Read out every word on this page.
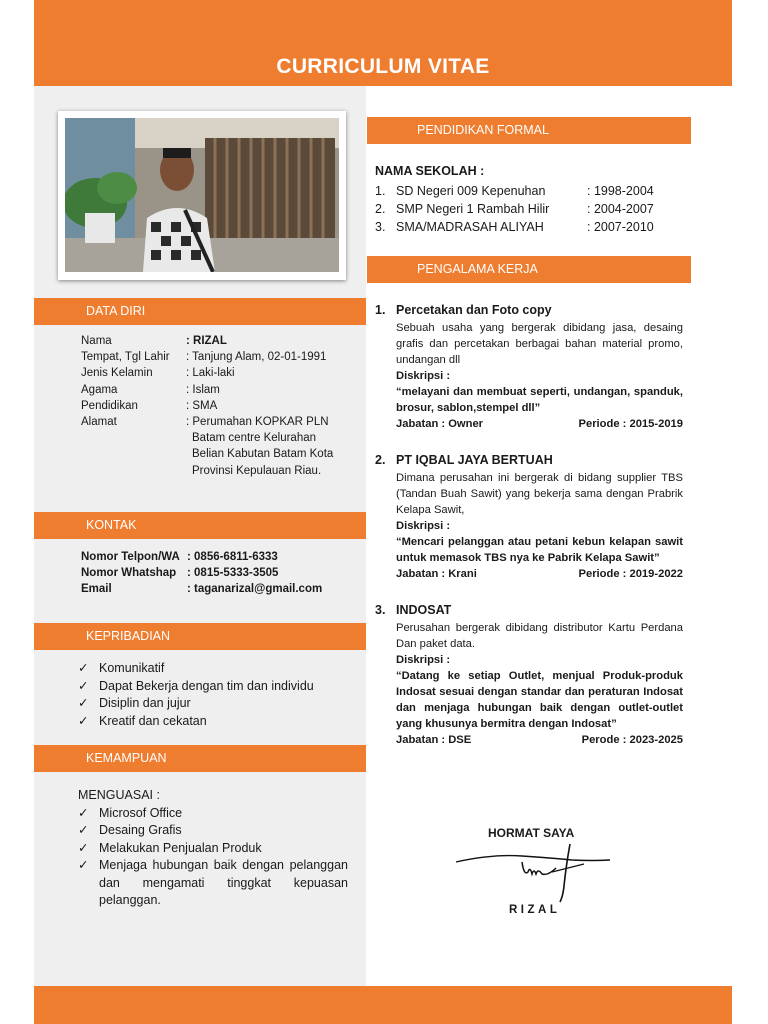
CURRICULUM VITAE
DATA DIRI
Nama	: RIZAL
Tempat, Tgl Lahir	: Tanjung Alam, 02-01-1991
Jenis Kelamin	: Laki-laki
Agama	: Islam
Pendidikan	: SMA
Alamat	: Perumahan KOPKAR PLN
Batam centre Kelurahan
Belian Kabutan Batam Kota
Provinsi Kepulauan Riau.
KONTAK
Nomor Telpon/WA : 0856-6811-6333
Nomor Whatshap : 0815-5333-3505
Email	: taganarizal@gmail.com
KEPRIBADIAN
✓ Komunikatif
✓ Dapat Bekerja dengan tim dan individu
✓ Disiplin dan jujur
✓ Kreatif dan cekatan
KEMAMPUAN
MENGUASAI :
✓ Microsof Office
✓ Desaing Grafis
✓ Melakukan Penjualan Produk
✓ Menjaga hubungan baik dengan pelanggan dan mengamati tinggkat kepuasan pelanggan.
PENDIDIKAN FORMAL
NAMA SEKOLAH :
1. SD Negeri 009 Kepenuhan	: 1998-2004
2. SMP Negeri 1 Rambah Hilir	: 2004-2007
3. SMA/MADRASAH ALIYAH	: 2007-2010
PENGALAMA KERJA
1. Percetakan dan Foto copy
Sebuah usaha yang bergerak dibidang jasa, desaing grafis dan percetakan berbagai bahan material promo, undangan dll
Diskripsi :
“melayani dan membuat seperti, undangan, spanduk, brosur, sablon,stempel dll”
Jabatan : Owner	Periode : 2015-2019
2. PT IQBAL JAYA BERTUAH
Dimana perusahan ini bergerak di bidang supplier TBS (Tandan Buah Sawit) yang bekerja sama dengan Prabrik Kelapa Sawit,
Diskripsi :
“Mencari pelanggan atau petani kebun kelapan sawit untuk memasok TBS nya ke Pabrik Kelapa Sawit”
Jabatan : Krani	Periode : 2019-2022
3. INDOSAT
Perusahan bergerak dibidang distributor Kartu Perdana Dan paket data.
Diskripsi :
“Datang ke setiap Outlet, menjual Produk-produk Indosat sesuai dengan standar dan peraturan Indosat dan menjaga hubungan baik dengan outlet-outlet yang khusunya bermitra dengan Indosat”
Jabatan : DSE	Perode : 2023-2025
HORMAT SAYA
RIZAL
